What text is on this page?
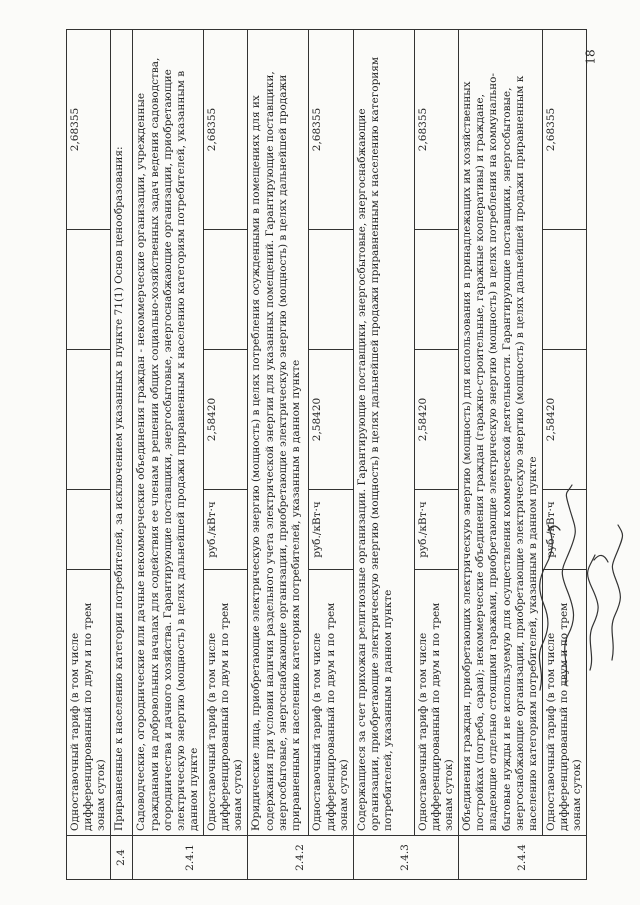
	Одноставочный тариф (в том числе дифференцированный по двум и по трем зонам суток)				2,68355
2.4	Приравненные к населению категории потребителей, за исключением указанных в пункте 71(1) Основ ценообразования:				
2.4.1	Садоводческие, огороднические или дачные некоммерческие объединения граждан - некоммерческие организации, учрежденные гражданами на добровольных началах для содействия ее членам в решении общих социально-хозяйственных задач ведения садоводства, огородничества и дачного хозяйства. Гарантирующие поставщики, энергосбытовые, энергоснабжающие организации, приобретающие электрическую энергию (мощность) в целях дальнейшей продажи приравненным к населению категориям потребителей, указанным в данном пункте				
	Одноставочный тариф (в том числе дифференцированный по двум и по трем зонам суток)	руб./кВт·ч	2,58420		2,68355
2.4.2	Юридические лица, приобретающие электрическую энергию (мощность) в целях потребления осужденными в помещениях для их содержания при условии наличия раздельного учета электрической энергии для указанных помещений. Гарантирующие поставщики, энергосбытовые, энергоснабжающие организации, приобретающие электрическую энергию (мощность) в целях дальнейшей продажи приравненным к населению категориям потребителей, указанным в данном пункте				
	Одноставочный тариф (в том числе дифференцированный по двум и по трем зонам суток)	руб./кВт·ч	2,58420		2,68355
2.4.3	Содержащиеся за счет прихожан религиозные организации. Гарантирующие поставщики, энергосбытовые, энергоснабжающие организации, приобретающие электрическую энергию (мощность) в целях дальнейшей продажи приравненным к населению категориям потребителей, указанным в данном пункте				
	Одноставочный тариф (в том числе дифференцированный по двум и по трем зонам суток)	руб./кВт·ч	2,58420		2,68355
2.4.4	Объединения граждан, приобретающих электрическую энергию (мощность) для использования в принадлежащих им хозяйственных постройках (погреба, сараи); некоммерческие объединения граждан (гаражно-строительные, гаражные кооперативы) и граждане, владеющие отдельно стоящими гаражами, приобретающие электрическую энергию (мощность) в целях потребления на коммунально-бытовые нужды и не используемую для осуществления коммерческой деятельности. Гарантирующие поставщики, энергосбытовые, энергоснабжающие организации, приобретающие электрическую энергию (мощность) в целях дальнейшей продажи приравненным к населению категориям потребителей, указанным в данном пункте				
	Одноставочный тариф (в том числе дифференцированный по двум и по трем зонам суток)	руб./кВт·ч	2,58420		2,68355
18
